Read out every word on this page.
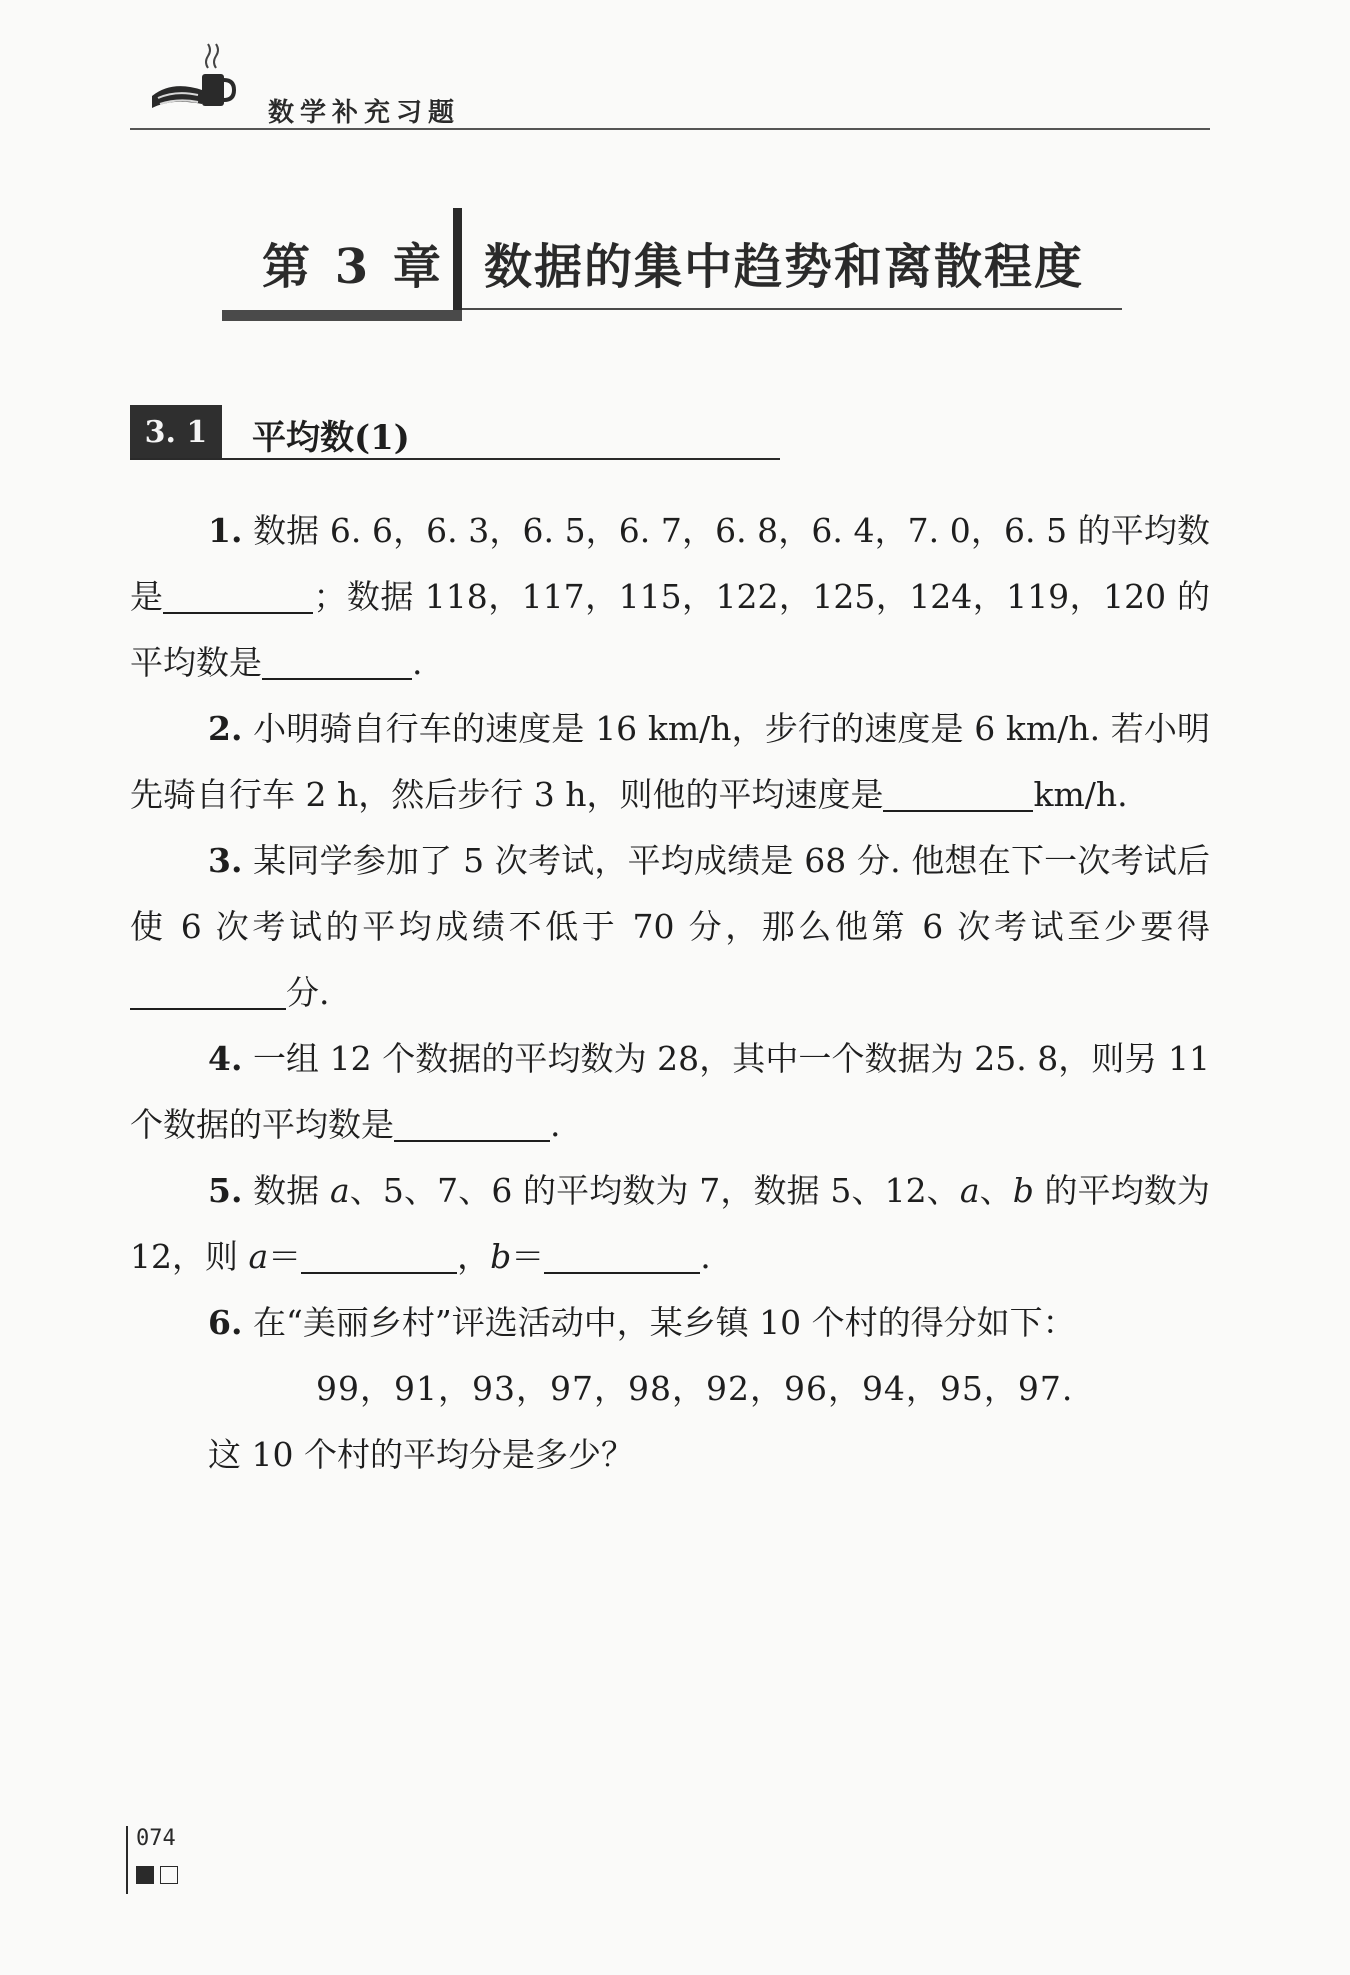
数学补充习题
第 3 章 数据的集中趋势和离散程度
3. 1	平均数(1)

1. 数据 6. 6，6. 3，6. 5，6. 7，6. 8，6. 4，7. 0，6. 5 的平均数是	；数据 118，117，115，122，125，124，119，120 的平均数是	.

2. 小明骑自行车的速度是 16 km/h，步行的速度是 6 km/h. 若小明先骑自行车 2 h，然后步行 3 h，则他的平均速度是	km/h.

3. 某同学参加了 5 次考试，平均成绩是 68 分. 他想在下一次考试后使 6 次考试的平均成绩不低于 70 分，那么他第 6 次考试至少要得分.

4. 一组 12 个数据的平均数为 28，其中一个数据为 25. 8，则另 11 个数据的平均数是	.

5. 数据 a、5、7、6 的平均数为 7，数据 5、12、a、b 的平均数为 12，则 a＝	，b＝	.

6. 在“美丽乡村”评选活动中，某乡镇 10 个村的得分如下：

99，91，93，97，98，92，96，94，95，97.
这 10 个村的平均分是多少？
074
